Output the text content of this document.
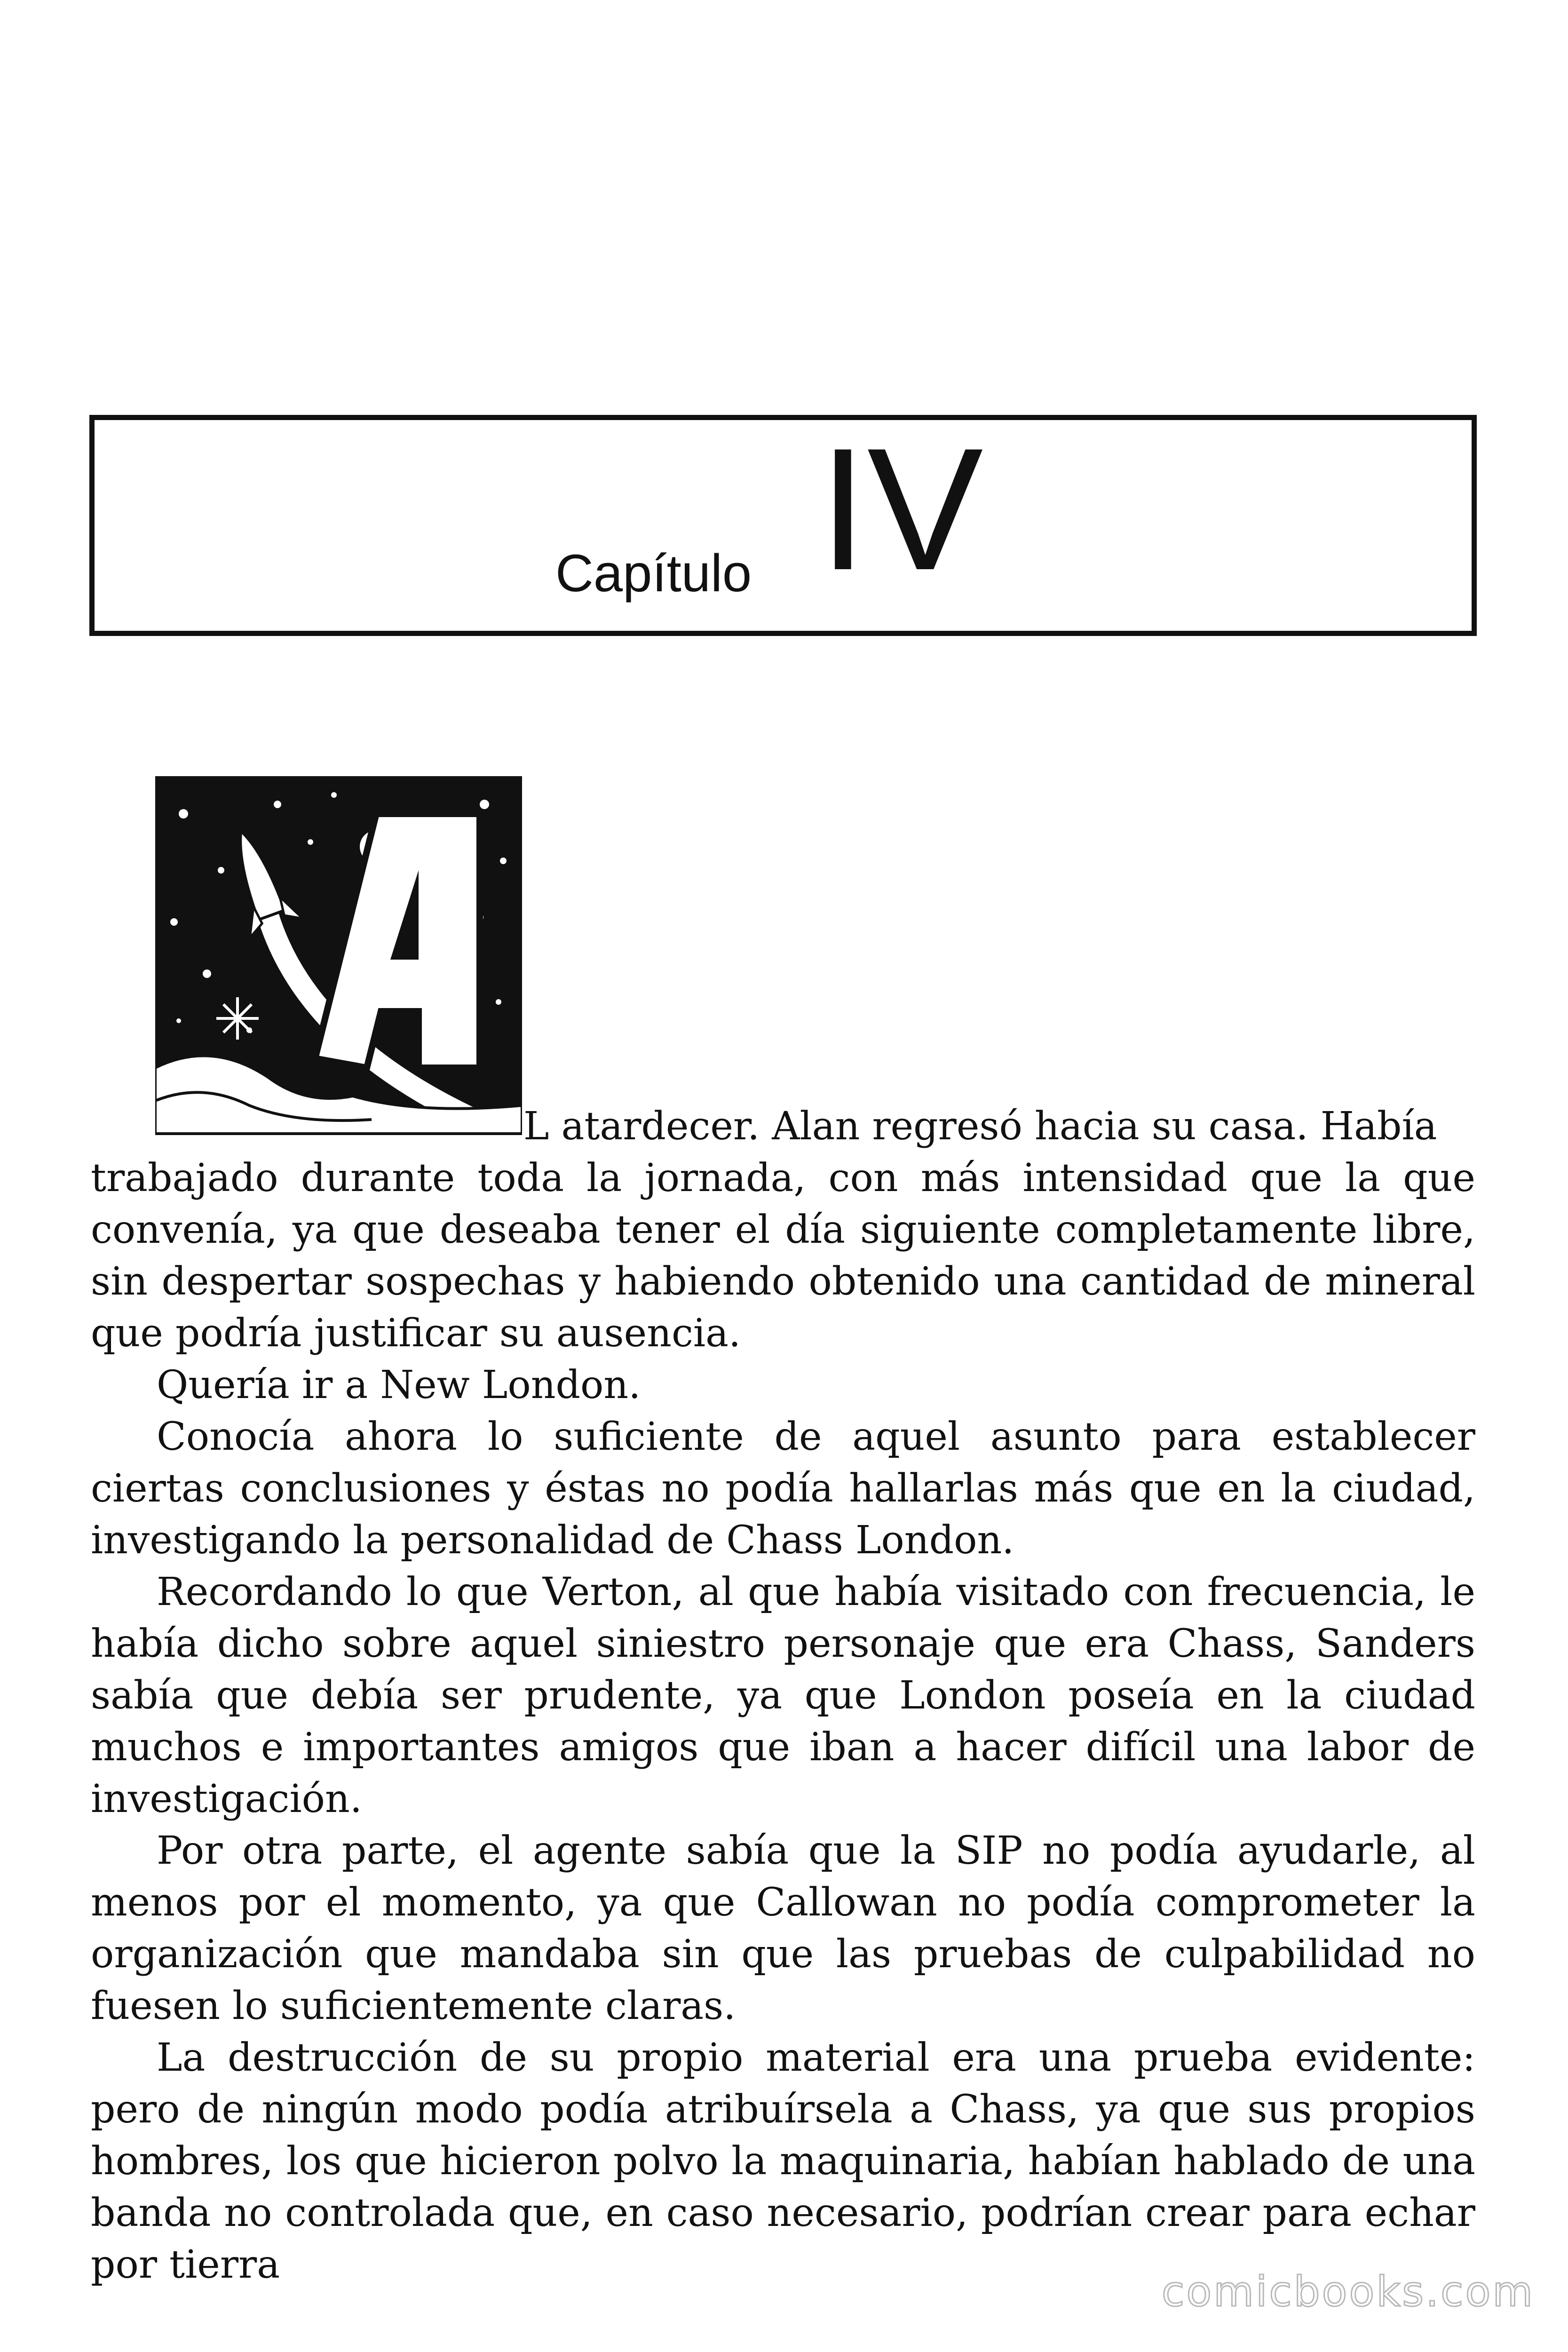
Capítulo IV

L atardecer. Alan regresó hacia su casa. Había

trabajado durante toda la jornada, con más intensidad que la que convenía, ya que deseaba tener el día siguiente completamente libre, sin despertar sospechas y habiendo obtenido una cantidad de mineral que podría justificar su ausencia.

Quería ir a New London.

Conocía ahora lo suficiente de aquel asunto para establecer ciertas conclusiones y éstas no podía hallarlas más que en la ciudad, investigando la personalidad de Chass London.

Recordando lo que Verton, al que había visitado con frecuencia, le había dicho sobre aquel siniestro personaje que era Chass, Sanders sabía que debía ser prudente, ya que London poseía en la ciudad muchos e importantes amigos que iban a hacer difícil una labor de investigación.

Por otra parte, el agente sabía que la SIP no podía ayudarle, al menos por el momento, ya que Callowan no podía comprometer la organización que mandaba sin que las pruebas de culpabilidad no fuesen lo suficientemente claras.

La destrucción de su propio material era una prueba evidente: pero de ningún modo podía atribuírsela a Chass, ya que sus propios hombres, los que hicieron polvo la maquinaria, habían hablado de una banda no controlada que, en caso necesario, podrían crear para echar por tierra

comicbooks.com
